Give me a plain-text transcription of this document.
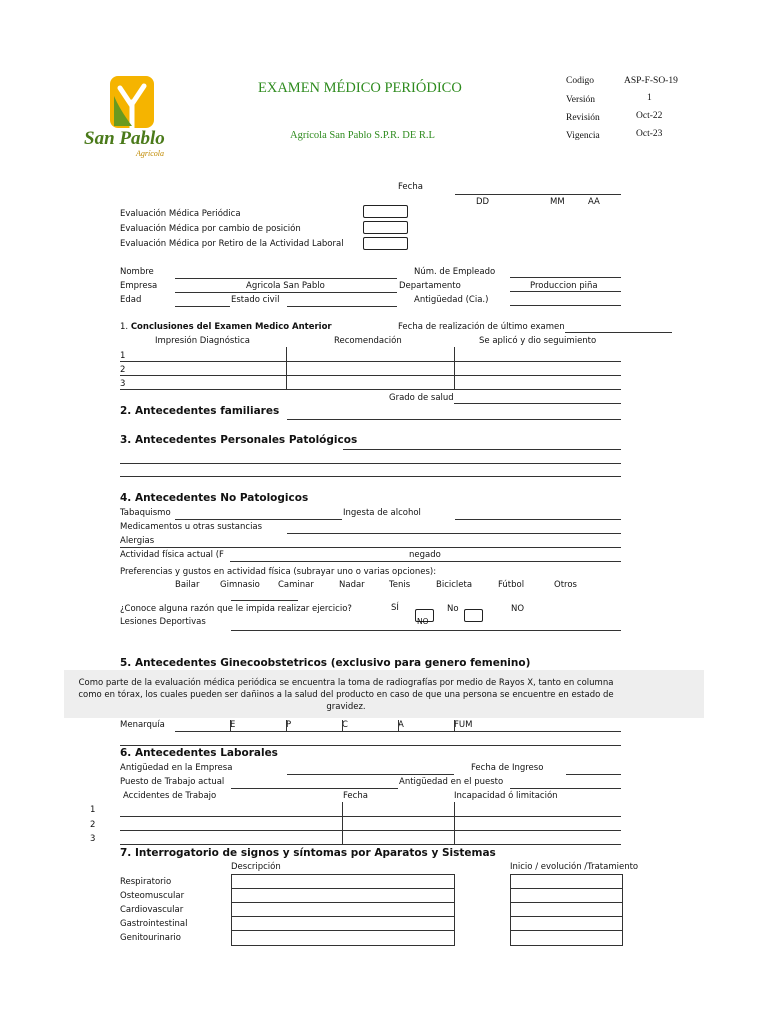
San Pablo
Agrícola
EXAMEN MÉDICO PERIÓDICO
Agrícola San Pablo S.P.R. DE R.L
Codigo	ASP-F-SO-19
Versión	1
Revisión	Oct-22
Vigencia	Oct-23
Fecha
DD	MM	AA
Evaluación Médica Periódica
Evaluación Médica por cambio de posición
Evaluación Médica por Retiro de la Actividad Laboral
Nombre	Núm. de Empleado
Empresa	Agricola San Pablo	Departamento	Produccion piña
Edad	Estado civil	Antigüedad (Cia.)
1. Conclusiones del Examen Medico Anterior	Fecha de realización de último examen
Impresión Diagnóstica	Recomendación	Se aplicó y dio seguimiento
1
2
3
Grado de salud
2. Antecedentes familiares
3. Antecedentes Personales Patológicos
4. Antecedentes No Patologicos
Tabaquismo	Ingesta de alcohol
Medicamentos u otras sustancias
Alergias
Actividad física actual (F	negado
Preferencias y gustos en actividad física (subrayar uno o varias opciones):
Bailar Gimnasio Caminar	Nadar	Tenis	Bicicleta	Fútbol	Otros
¿Conoce alguna razón que le impida realizar ejercicio?	SÍ	No	NO
NO
Lesiones Deportivas
5. Antecedentes Ginecoobstetricos (exclusivo para genero femenino)
Como parte de la evaluación médica periódica se encuentra la toma de radiografías por medio de Rayos X, tanto en columna como en tórax, los cuales pueden ser dañinos a la salud del producto en caso de que una persona se encuentre en estado de gravidez.
Menarquía	E	P	C	A	FUM
6. Antecedentes Laborales
Antigüedad en la Empresa	Fecha de Ingreso
Puesto de Trabajo actual	Antigüedad en el puesto
Accidentes de Trabajo	Fecha	Incapacidad ó limitación
1
2
3
7. Interrogatorio de signos y síntomas por Aparatos y Sistemas
Descripción	Inicio / evolución /Tratamiento
Respiratorio
Osteomuscular
Cardiovascular
Gastrointestinal
Genitourinario
